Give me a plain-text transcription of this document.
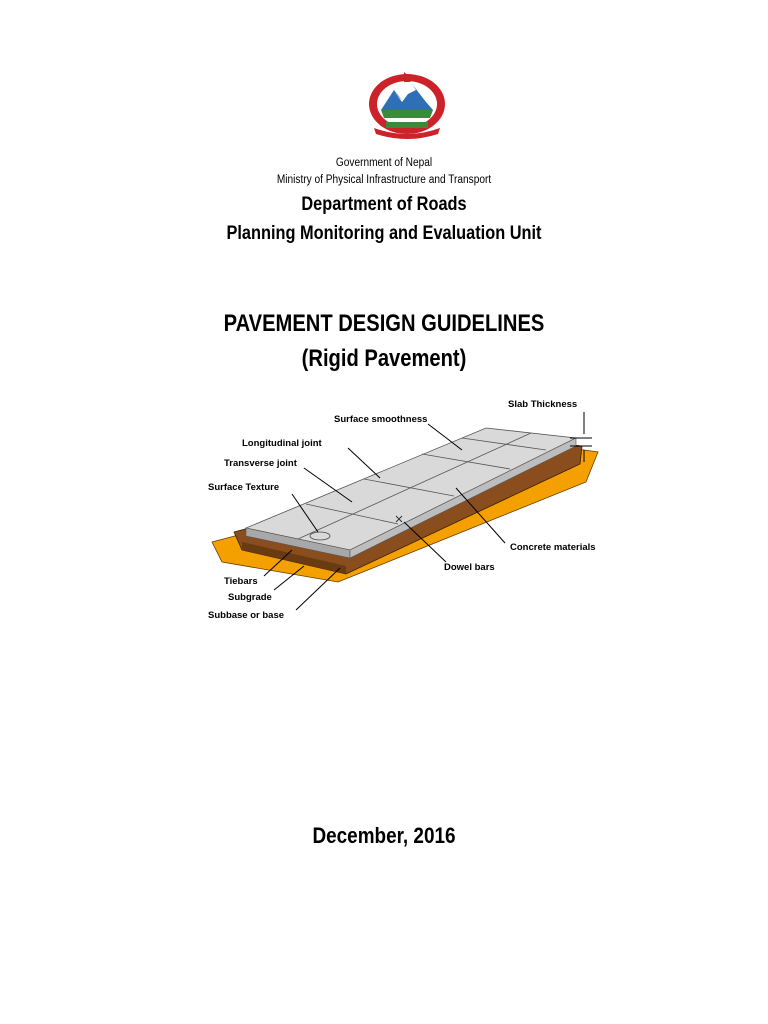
Government of Nepal
Ministry of Physical Infrastructure and Transport
Department of Roads
Planning Monitoring and Evaluation Unit
PAVEMENT DESIGN GUIDELINES
(Rigid Pavement)
Slab Thickness
Surface smoothness
Longitudinal joint
Transverse joint
Surface Texture
Concrete materials
Dowel bars
Tiebars
Subgrade
Subbase or base
December, 2016
